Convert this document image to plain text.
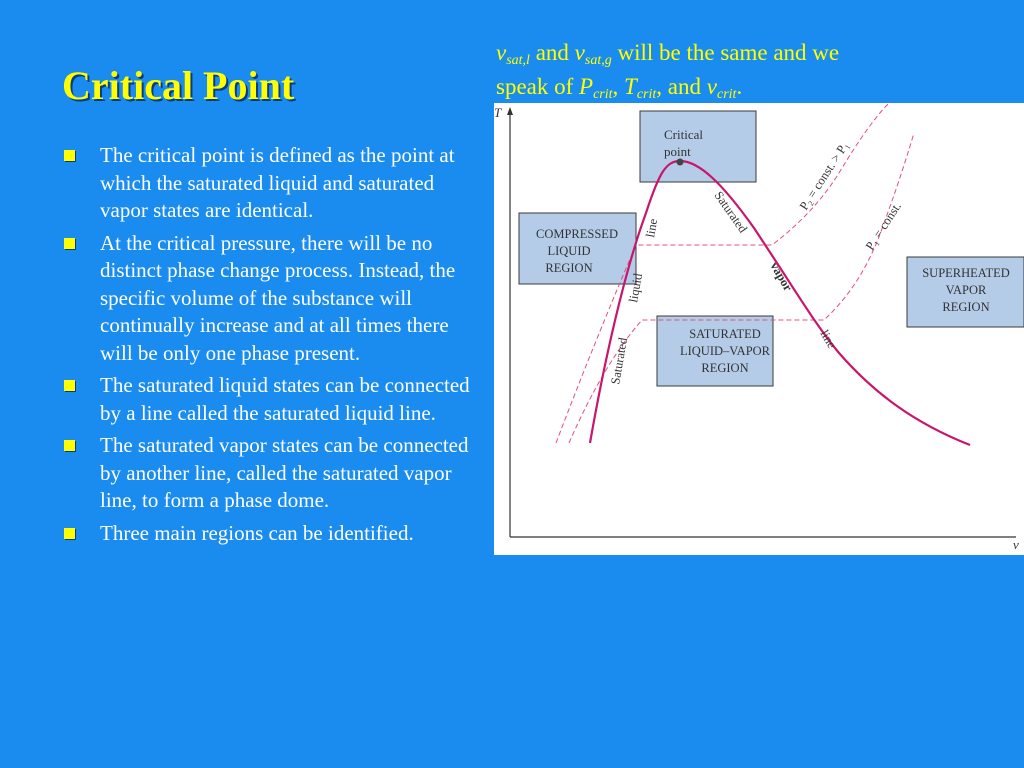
Critical Point
$v_{sat,l}$ and $v_{sat,g}$ will be the same and we
speak of $P_{crit}$, $T_{crit}$, and $v_{crit}$.
The critical point is defined as the point at which the saturated liquid and saturated vapor states are identical.
At the critical pressure, there will be no distinct phase change process. Instead, the specific volume of the substance will continually increase and at all times there will be only one phase present.
The saturated liquid states can be connected by a line called the saturated liquid line.
The saturated vapor states can be connected by another line, called the saturated vapor line, to form a phase dome.
Three main regions can be identified.
T
v
Critical
point
COMPRESSED
LIQUID
REGION	SUPERHEATED
VAPOR
REGION
SATURATED
LIQUID–VAPOR
REGION
Saturated
liquid
line	Saturated
vapor
line
P₂ = const. > P₁
P₁ = const.
